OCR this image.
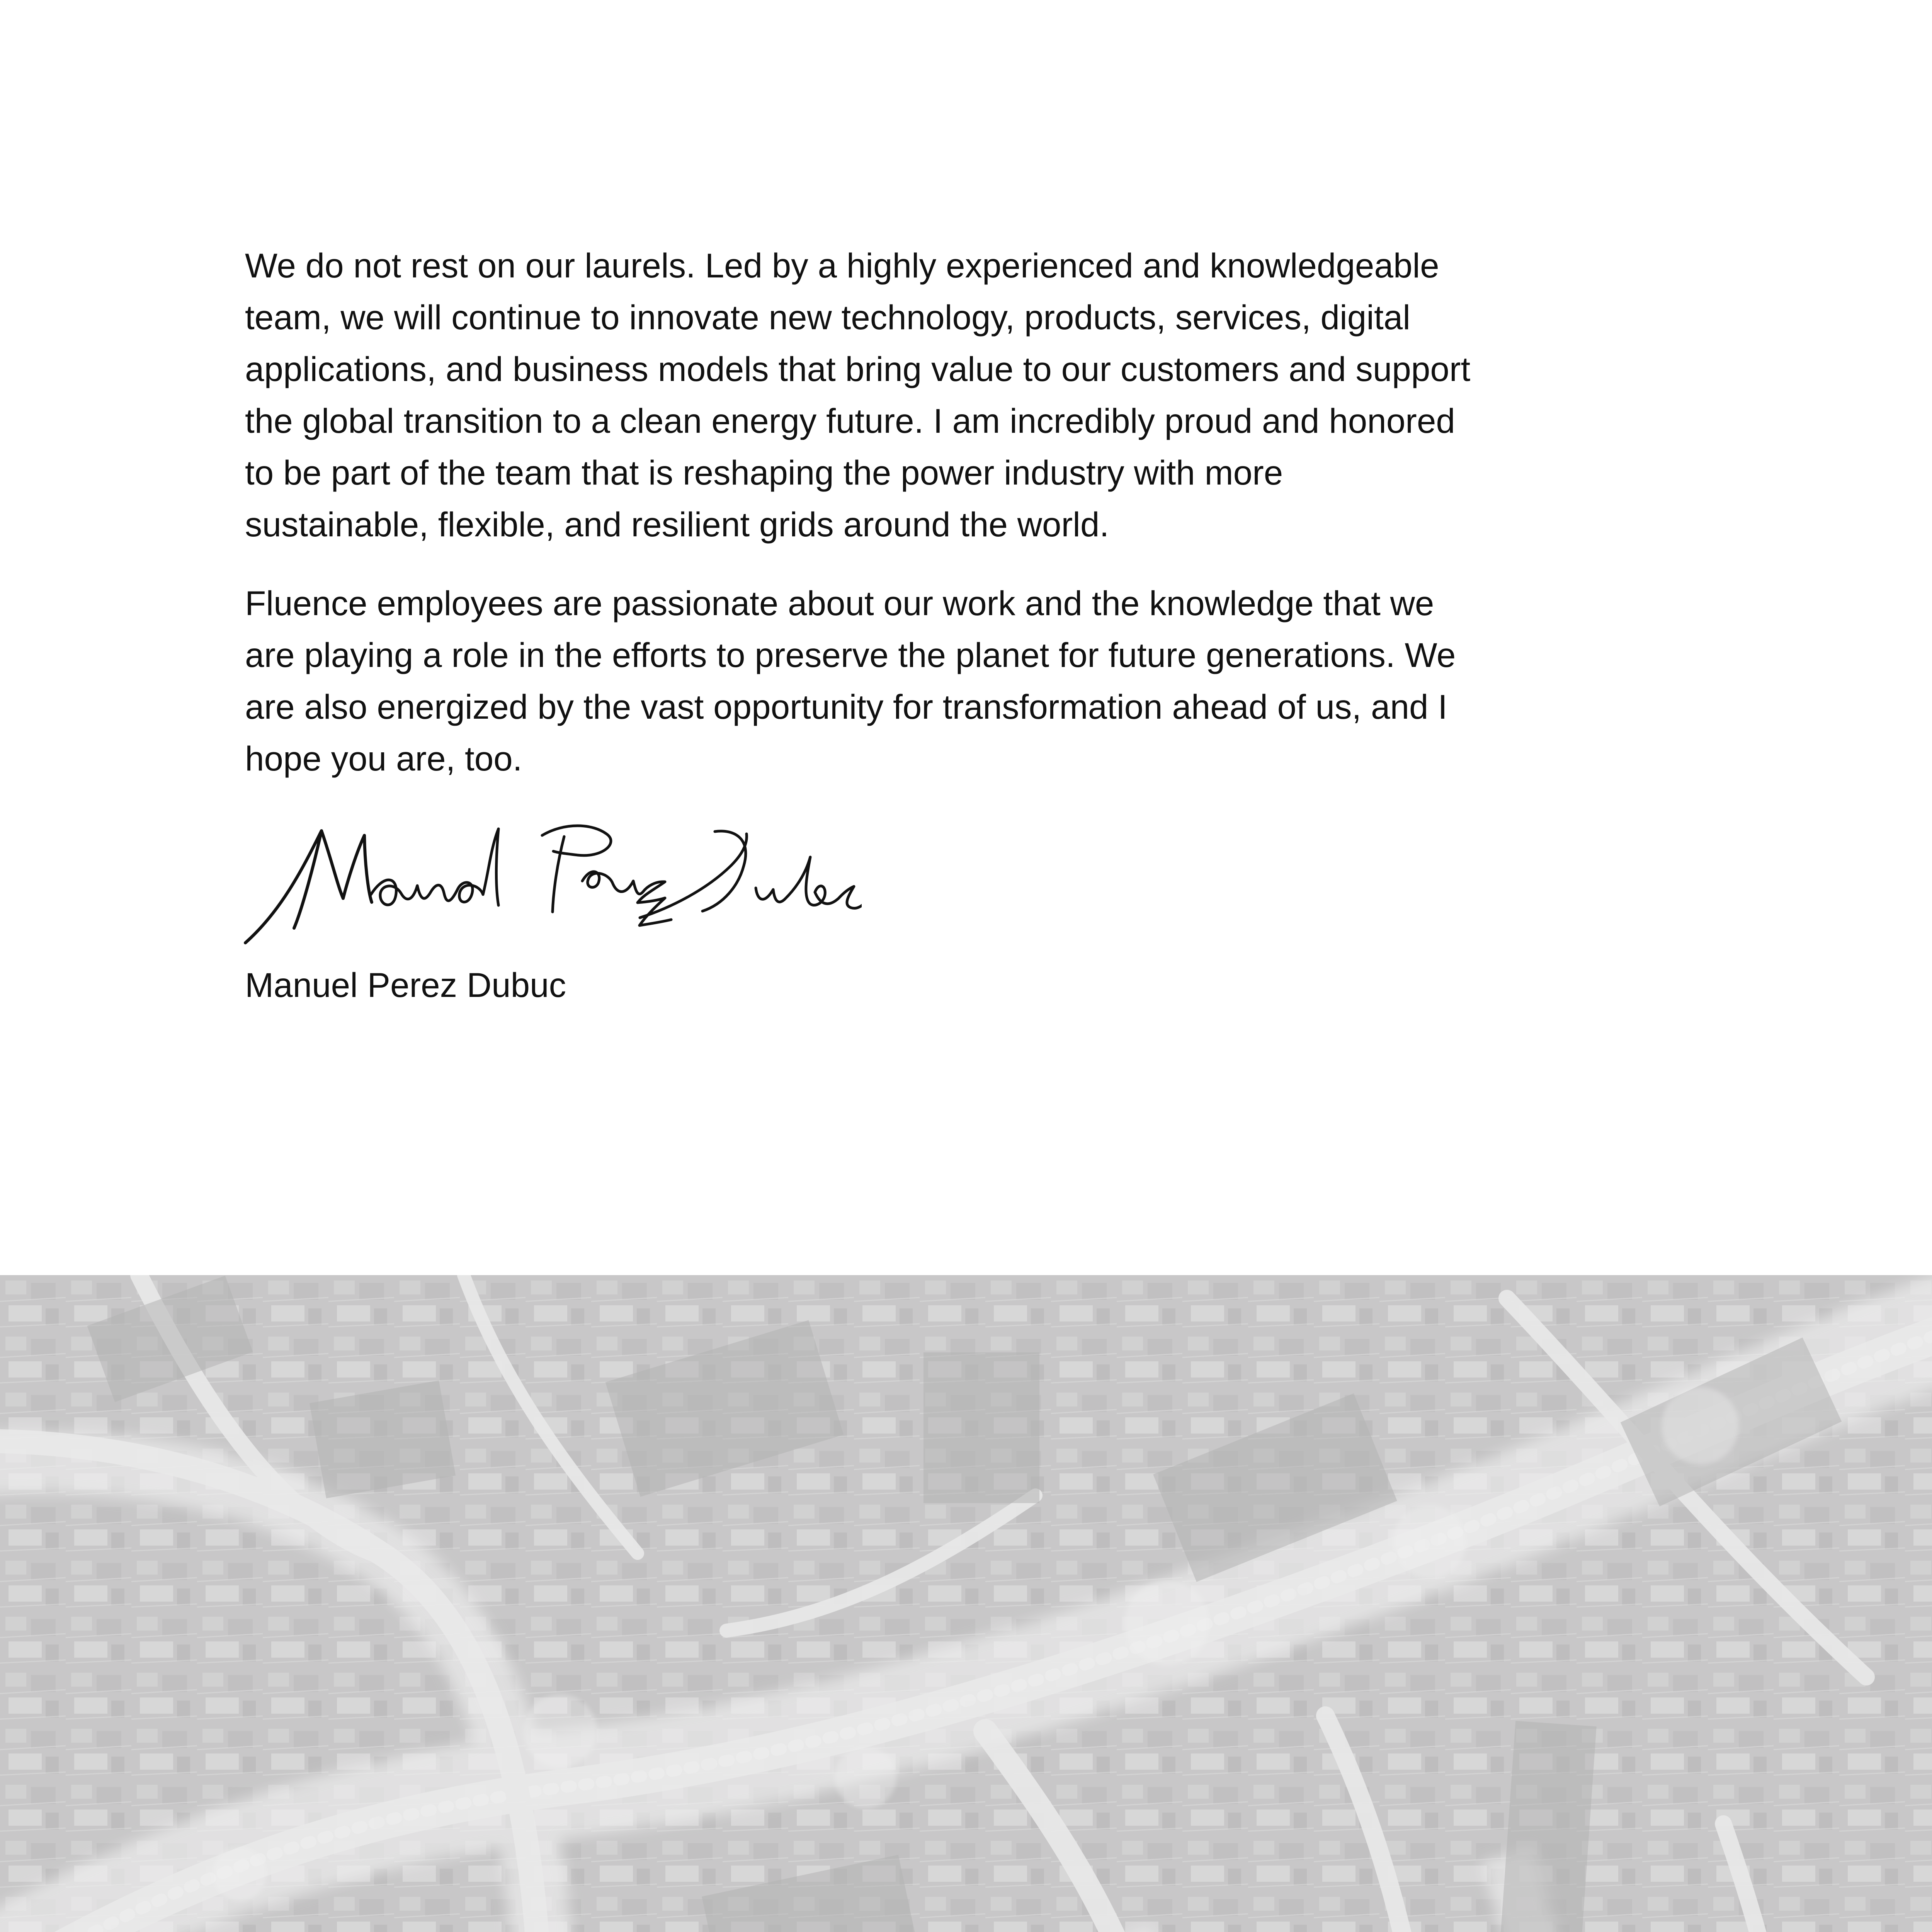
We do not rest on our laurels. Led by a highly experienced and knowledgeable team, we will continue to innovate new technology, products, services, digital applications, and business models that bring value to our customers and support the global transition to a clean energy future. I am incredibly proud and honored to be part of the team that is reshaping the power industry with more sustainable, flexible, and resilient grids around the world.

Fluence employees are passionate about our work and the knowledge that we are playing a role in the efforts to preserve the planet for future generations. We are also energized by the vast opportunity for transformation ahead of us, and I hope you are, too.

Manuel Perez Dubuc
